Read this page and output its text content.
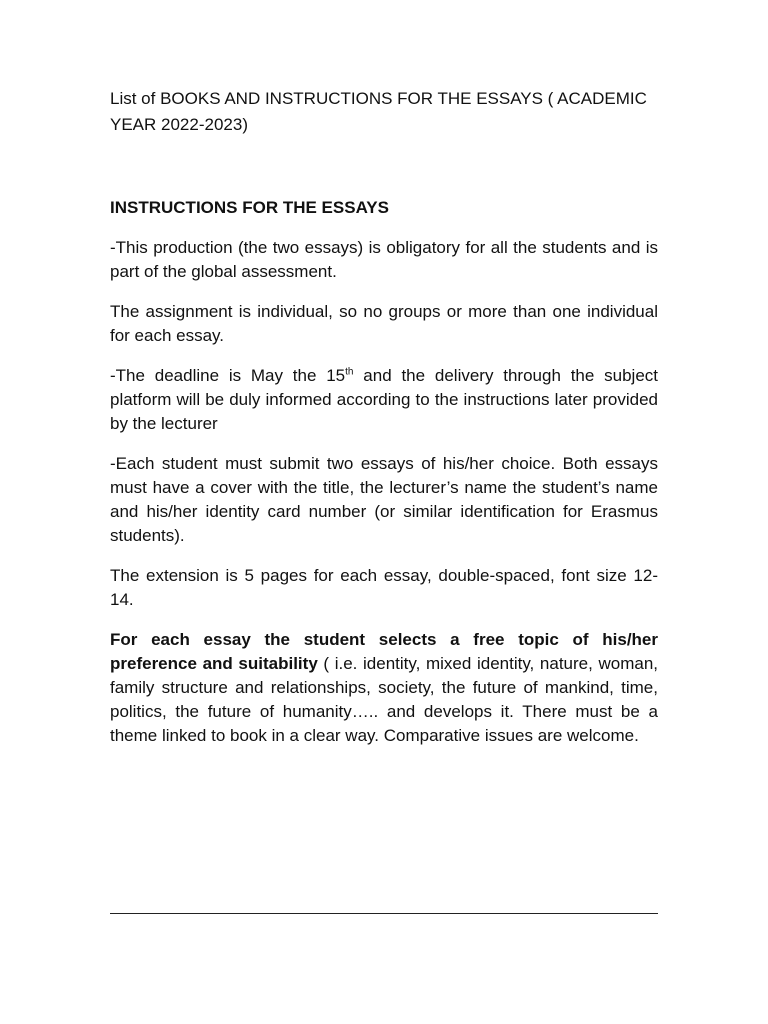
List of BOOKS AND INSTRUCTIONS FOR THE ESSAYS ( ACADEMIC YEAR 2022-2023)

INSTRUCTIONS FOR THE ESSAYS

-This production (the two essays) is obligatory for all the students and is part of the global assessment.

The assignment is individual, so no groups or more than one individual for each essay.

-The deadline is May the 15th and the delivery through the subject platform will be duly informed according to the instructions later provided by the lecturer

-Each student must submit two essays of his/her choice. Both essays must have a cover with the title, the lecturer’s name the student’s name and his/her identity card number (or similar identification for Erasmus students).

The extension is 5 pages for each essay, double-spaced, font size 12-14.

For each essay the student selects a free topic of his/her preference and suitability ( i.e. identity, mixed identity, nature, woman, family structure and relationships, society, the future of mankind, time, politics, the future of humanity….. and develops it. There must be a theme linked to book in a clear way. Comparative issues are welcome.
